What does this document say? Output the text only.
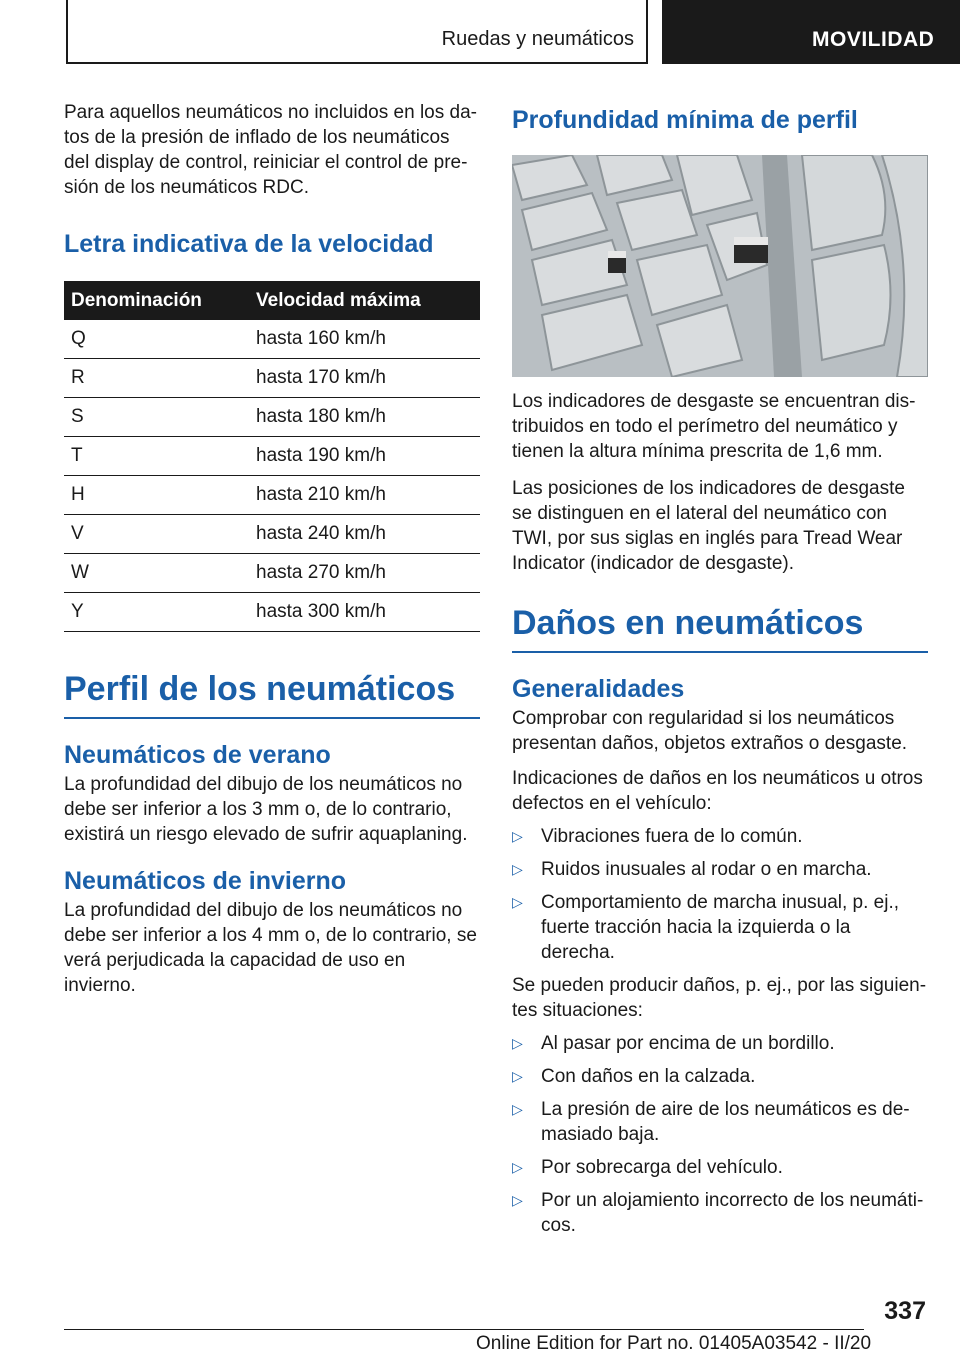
Ruedas y neumáticos	MOVILIDAD

Para aquellos neumáticos no incluidos en los datos de la presión de inflado de los neumáticos del display de control, reiniciar el control de presión de los neumáticos RDC.

Letra indicativa de la velocidad
Denominación	Velocidad máxima
Q	hasta 160 km/h
R	hasta 170 km/h
S	hasta 180 km/h
T	hasta 190 km/h
H	hasta 210 km/h
V	hasta 240 km/h
W	hasta 270 km/h
Y	hasta 300 km/h
Perfil de los neumáticos
Neumáticos de verano

La profundidad del dibujo de los neumáticos no debe ser inferior a los 3 mm o, de lo contrario, existirá un riesgo elevado de sufrir aquaplaning.

Neumáticos de invierno

La profundidad del dibujo de los neumáticos no debe ser inferior a los 4 mm o, de lo contrario, se verá perjudicada la capacidad de uso en invierno.

Profundidad mínima de perfil

Los indicadores de desgaste se encuentran distribuidos en todo el perímetro del neumático y tienen la altura mínima prescrita de 1,6 mm.

Las posiciones de los indicadores de desgaste se distinguen en el lateral del neumático con TWI, por sus siglas en inglés para Tread Wear Indicator (indicador de desgaste).

Daños en neumáticos
Generalidades

Comprobar con regularidad si los neumáticos presentan daños, objetos extraños o desgaste.

Indicaciones de daños en los neumáticos u otros defectos en el vehículo:

▷ Vibraciones fuera de lo común.
▷ Ruidos inusuales al rodar o en marcha.
▷ Comportamiento de marcha inusual, p. ej., fuerte tracción hacia la izquierda o la derecha.

Se pueden producir daños, p. ej., por las siguientes situaciones:

▷ Al pasar por encima de un bordillo.
▷ Con daños en la calzada.
▷ La presión de aire de los neumáticos es demasiado baja.
▷ Por sobrecarga del vehículo.
▷ Por un alojamiento incorrecto de los neumáticos.
337
Online Edition for Part no. 01405A03542 - II/20
